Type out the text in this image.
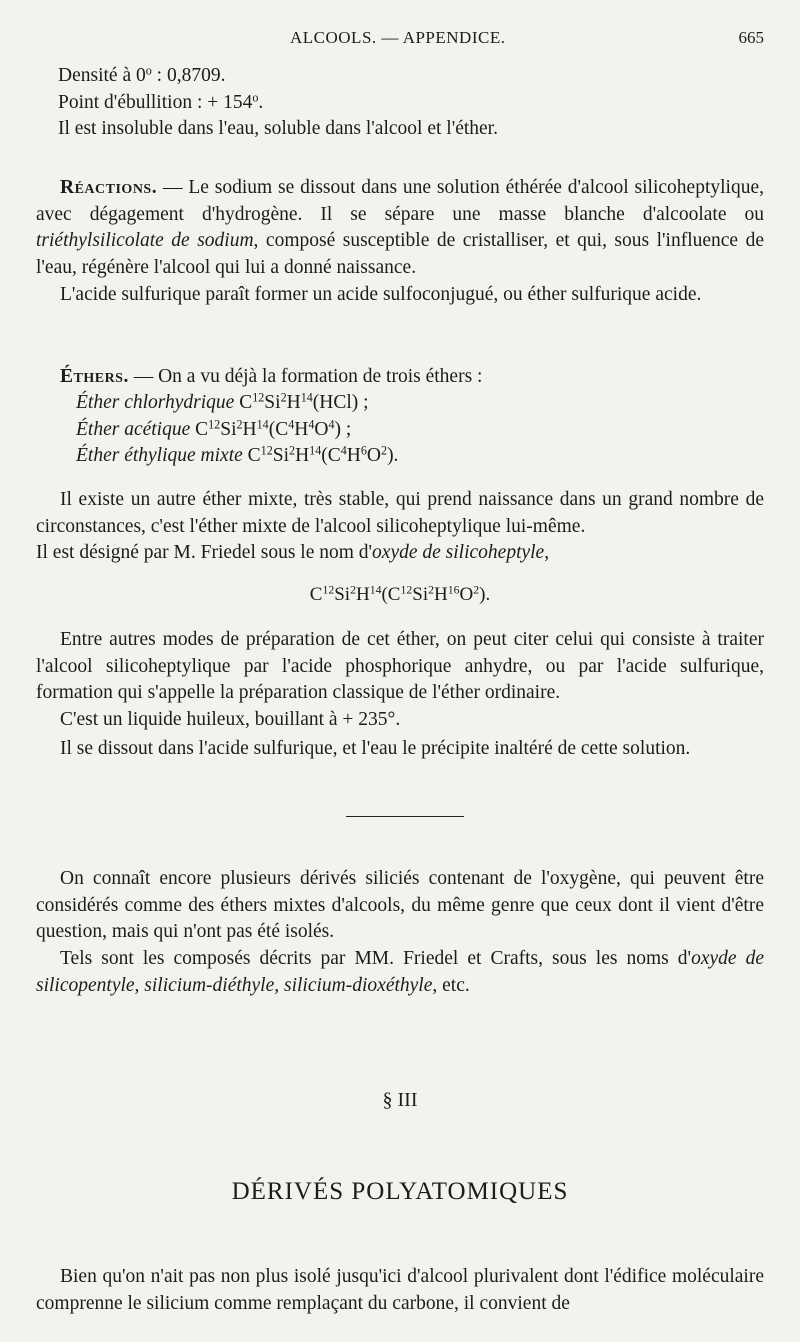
ALCOOLS. — APPENDICE.	665
Densité à 0$^o$ : 0,8709.
Point d'ébullition : + $154^o$.
Il est insoluble dans l'eau, soluble dans l'alcool et l'éther.
Réactions. — Le sodium se dissout dans une solution éthérée d'alcool silicoheptylique, avec dégagement d'hydrogène. Il se sépare une masse blanche d'alcoolate ou triéthylsilicolate de sodium, composé susceptible de cristalliser, et qui, sous l'influence de l'eau, régénère l'alcool qui lui a donné naissance.
L'acide sulfurique paraît former un acide sulfoconjugué, ou éther sulfurique acide.
Éthers. — On a vu déjà la formation de trois éthers :
Éther chlorhydrique $C^{12}Si^2H^{14}(HCl)$ ;
Éther acétique $C^{12}Si^2H^{14}(C^4H^4O^4)$ ;
Éther éthylique mixte $C^{12}Si^2H^{14}(C^4H^6O^2)$.
Il existe un autre éther mixte, très stable, qui prend naissance dans un grand nombre de circonstances, c'est l'éther mixte de l'alcool silicoheptylique lui-même.
Il est désigné par M. Friedel sous le nom d'oxyde de silicoheptyle,
$C^{12}Si^2H^{14}(C^{12}Si^2H^{16}O^2)$.
Entre autres modes de préparation de cet éther, on peut citer celui qui consiste à traiter l'alcool silicoheptylique par l'acide phosphorique anhydre, ou par l'acide sulfurique, formation qui s'appelle la préparation classique de l'éther ordinaire.
C'est un liquide huileux, bouillant à + 235°.
Il se dissout dans l'acide sulfurique, et l'eau le précipite inaltéré de cette solution.
On connaît encore plusieurs dérivés siliciés contenant de l'oxygène, qui peuvent être considérés comme des éthers mixtes d'alcools, du même genre que ceux dont il vient d'être question, mais qui n'ont pas été isolés.
Tels sont les composés décrits par MM. Friedel et Crafts, sous les noms d'oxyde de silicopentyle, silicium-diéthyle, silicium-dioxéthyle, etc.
§ III
DÉRIVÉS POLYATOMIQUES
Bien qu'on n'ait pas non plus isolé jusqu'ici d'alcool plurivalent dont l'édifice moléculaire comprenne le silicium comme remplaçant du carbone, il convient de
